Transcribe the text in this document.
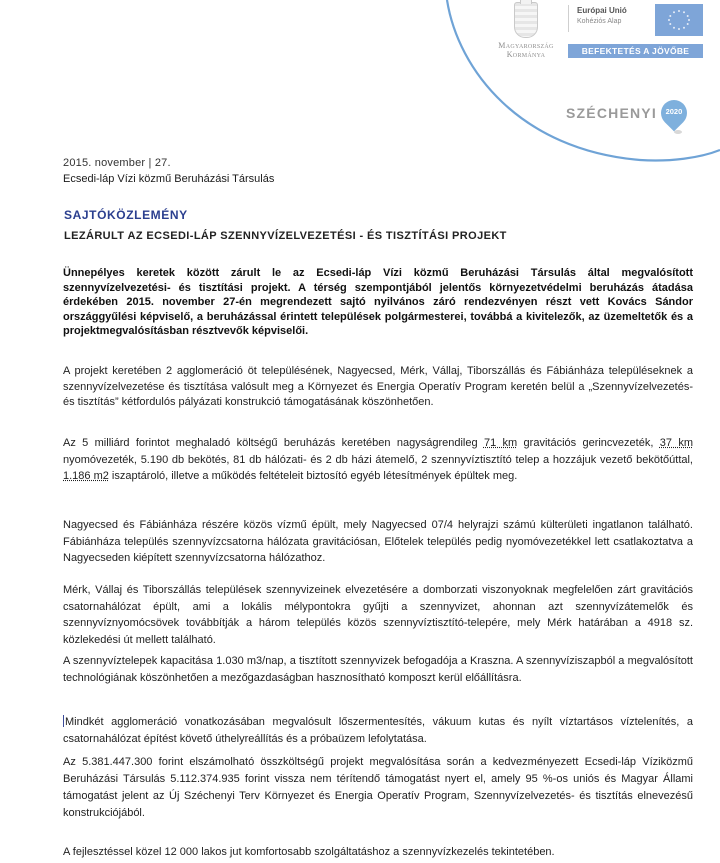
Magyarország
Kormánya
Európai Unió
Kohéziós Alap
BEFEKTETÉS A JÖVŐBE
SZÉCHENYI	2020
2015. november | 27.
Ecsedi-láp Vízi közmű Beruházási Társulás
SAJTÓKÖZLEMÉNY
LEZÁRULT AZ ECSEDI-LÁP SZENNYVÍZELVEZETÉSI - ÉS TISZTÍTÁSI PROJEKT

Ünnepélyes keretek között zárult le az Ecsedi-láp Vízi közmű Beruházási Társulás által megvalósított szennyvízelvezetési- és tisztítási projekt. A térség szempontjából jelentős környezetvédelmi beruházás átadása érdekében 2015. november 27-én megrendezett sajtó nyilvános záró rendezvényen részt vett Kovács Sándor országgyűlési képviselő, a beruházással érintett települések polgármesterei, továbbá a kivitelezők, az üzemeltetők és a projektmegvalósításban résztvevők képviselői.

A projekt keretében 2 agglomeráció öt településének, Nagyecsed, Mérk, Vállaj, Tiborszállás és Fábiánháza településeknek a szennyvízelvezetése és tisztítása valósult meg a Környezet és Energia Operatív Program keretén belül a „Szennyvízelvezetés- és tisztítás” kétfordulós pályázati konstrukció támogatásának köszönhetően.

Az 5 milliárd forintot meghaladó költségű beruházás keretében nagyságrendileg 71 km gravitációs gerincvezeték, 37 km nyomóvezeték, 5.190 db bekötés, 81 db hálózati- és 2 db házi átemelő, 2 szennyvíztisztító telep a hozzájuk vezető bekötőúttal, 1.186 m2 iszaptároló, illetve a működés feltételeit biztosító egyéb létesítmények épültek meg.

Nagyecsed és Fábiánháza részére közös vízmű épült, mely Nagyecsed 07/4 helyrajzi számú külterületi ingatlanon található. Fábiánháza település szennyvízcsatorna hálózata gravitációsan, Előtelek település pedig nyomóvezetékkel lett csatlakoztatva a Nagyecseden kiépített szennyvízcsatorna hálózathoz.

Mérk, Vállaj és Tiborszállás települések szennyvizeinek elvezetésére a domborzati viszonyoknak megfelelően zárt gravitációs csatornahálózat épült, ami a lokális mélypontokra gyűjti a szennyvizet, ahonnan azt szennyvízátemelők és szennyvíznyomócsövek továbbítják a három település közös szennyvíztisztító-telepére, mely Mérk határában a 4918 sz. közlekedési út mellett található.

A szennyvíztelepek kapacitása 1.030 m3/nap, a tisztított szennyvizek befogadója a Kraszna. A szennyvíziszapból a megvalósított technológiának köszönhetően a mezőgazdaságban hasznosítható komposzt kerül előállításra.

Mindkét agglomeráció vonatkozásában megvalósult lőszermentesítés, vákuum kutas és nyílt víztartásos víztelenítés, a csatornahálózat építést követő úthelyreállítás és a próbaüzem lefolytatása.

Az 5.381.447.300 forint elszámolható összköltségű projekt megvalósítása során a kedvezményezett Ecsedi-láp Víziközmű Beruházási Társulás 5.112.374.935 forint vissza nem térítendő támogatást nyert el, amely 95 %-os uniós és Magyar Állami támogatást jelent az Új Széchenyi Terv Környezet és Energia Operatív Program, Szennyvízelvezetés- és tisztítás elnevezésű konstrukciójából.

A fejlesztéssel közel 12 000 lakos jut komfortosabb szolgáltatáshoz a szennyvízkezelés tekintetében.
